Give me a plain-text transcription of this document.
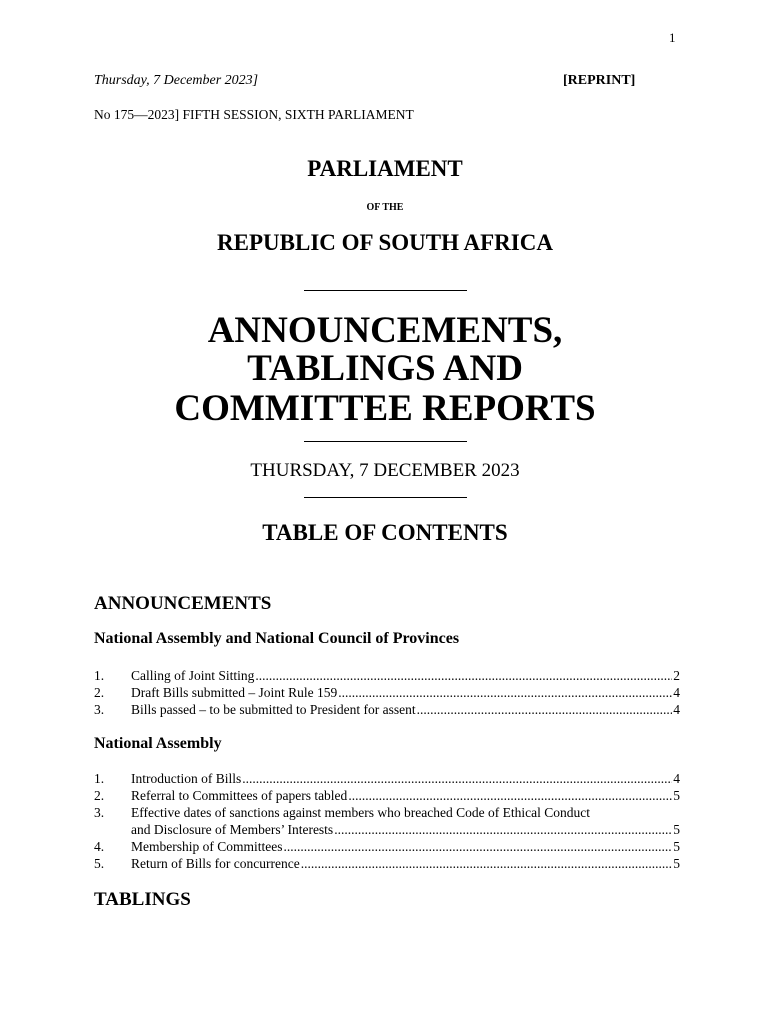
1
Thursday, 7 December 2023]	[REPRINT]
No 175—2023] FIFTH SESSION, SIXTH PARLIAMENT
PARLIAMENT
OF THE
REPUBLIC OF SOUTH AFRICA
ANNOUNCEMENTS,
TABLINGS AND
COMMITTEE REPORTS
THURSDAY, 7 DECEMBER 2023
TABLE OF CONTENTS
ANNOUNCEMENTS
National Assembly and National Council of Provinces
1. Calling of Joint Sitting .....	2
2. Draft Bills submitted – Joint Rule 159 .....	4
3. Bills passed – to be submitted to President for assent .....	4
National Assembly
1. Introduction of Bills .....	4
2. Referral to Committees of papers tabled .....	5
3. Effective dates of sanctions against members who breached Code of Ethical Conduct
and Disclosure of Members’ Interests .....	5
4. Membership of Committees .....	5
5. Return of Bills for concurrence .....	5
TABLINGS
